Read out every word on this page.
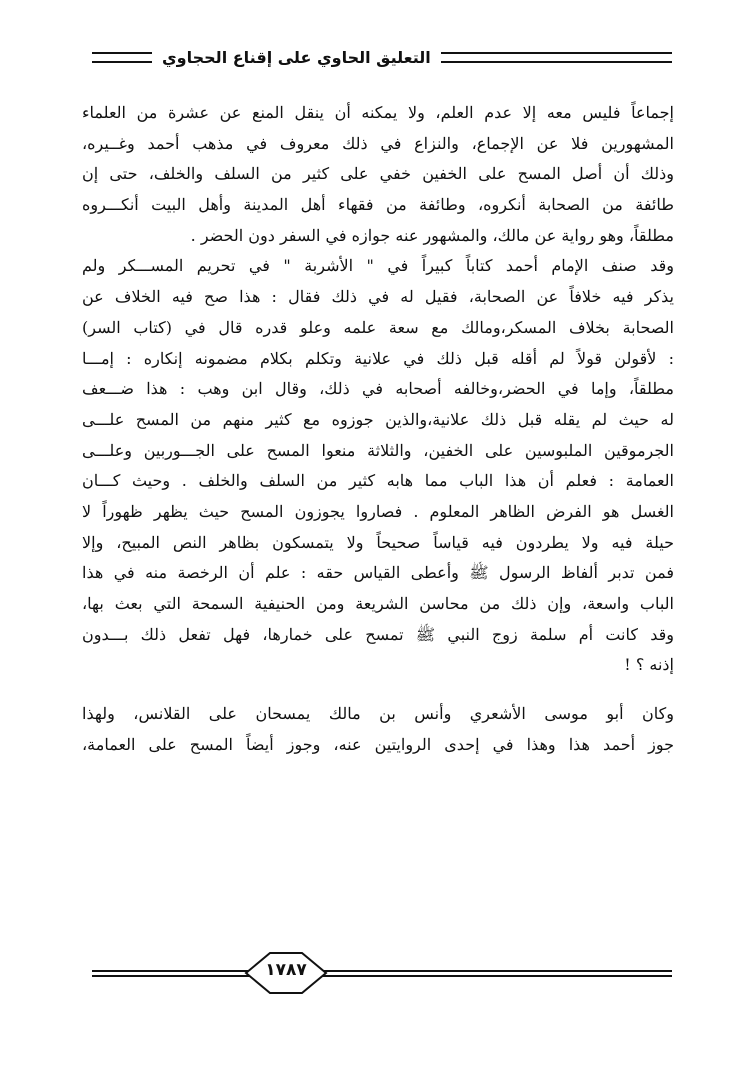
التعليق الحاوي على إقناع الحجاوي
إجماعاً فليس معه إلا عدم العلم، ولا يمكنه أن ينقل المنع عن عشرة من العلماء
المشهورين فلا عن الإجماع، والنزاع في ذلك معروف في مذهب أحمد وغــيره،
وذلك أن أصل المسح على الخفين خفي على كثير من السلف والخلف، حتى إن
طائفة من الصحابة أنكروه، وطائفة من فقهاء أهل المدينة وأهل البيت أنكـــروه
مطلقاً، وهو رواية عن مالك، والمشهور عنه جوازه في السفر دون الحضر .
وقد صنف الإمام أحمد كتاباً كبيراً في " الأشربة " في تحريم المســـكر ولم
يذكر فيه خلافاً عن الصحابة، فقيل له في ذلك فقال : هذا صح فيه الخلاف عن
الصحابة بخلاف المسكر،ومالك مع سعة علمه وعلو قدره قال في (كتاب السر)
: لأقولن قولاً لم أقله قبل ذلك في علانية وتكلم بكلام مضمونه إنكاره : إمـــا
مطلقاً، وإما في الحضر،وخالفه أصحابه في ذلك، وقال ابن وهب : هذا ضـــعف
له حيث لم يقله قبل ذلك علانية،والذين جوزوه مع كثير منهم من المسح علـــى
الجرموقين الملبوسين على الخفين، والثلاثة منعوا المسح على الجـــوربين وعلـــى
العمامة : فعلم أن هذا الباب مما هابه كثير من السلف والخلف . وحيث كـــان
الغسل هو الفرض الظاهر المعلوم . فصاروا يجوزون المسح حيث يظهر ظهوراً لا
حيلة فيه ولا يطردون فيه قياساً صحيحاً ولا يتمسكون بظاهر النص المبيح، وإلا
فمن تدبر ألفاظ الرسول ﷺ وأعطى القياس حقه : علم أن الرخصة منه في هذا
الباب واسعة، وإن ذلك من محاسن الشريعة ومن الحنيفية السمحة التي بعث بها،
وقد كانت أم سلمة زوج النبي ﷺ تمسح على خمارها، فهل تفعل ذلك بـــدون
إذنه ؟ !
وكان أبو موسى الأشعري وأنس بن مالك يمسحان على القلانس، ولهذا
جوز أحمد هذا وهذا في إحدى الروايتين عنه، وجوز أيضاً المسح على العمامة،
١٧٨٧
